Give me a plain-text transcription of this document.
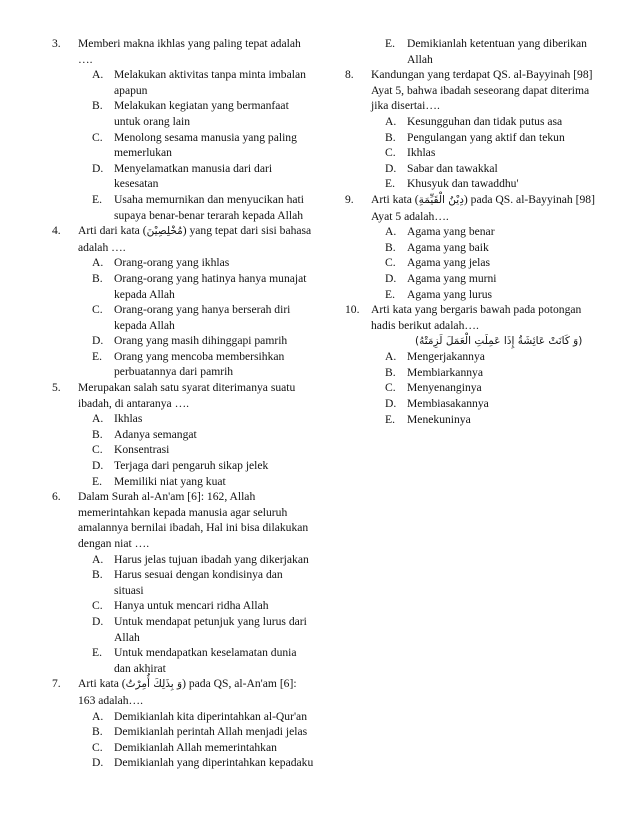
3. Memberi makna ikhlas yang paling tepat adalah ….
A. Melakukan aktivitas tanpa minta imbalan apapun
B. Melakukan kegiatan yang bermanfaat untuk orang lain
C. Menolong sesama manusia yang paling memerlukan
D. Menyelamatkan manusia dari dari kesesatan
E. Usaha memurnikan dan menyucikan hati supaya benar-benar terarah kepada Allah
4. Arti dari kata (مُخْلِصِيْنَ) yang tepat dari sisi bahasa adalah ….
A. Orang-orang yang ikhlas
B. Orang-orang yang hatinya hanya munajat kepada Allah
C. Orang-orang yang hanya berserah diri kepada Allah
D. Orang yang masih dihinggapi pamrih
E. Orang yang mencoba membersihkan perbuatannya dari pamrih
5. Merupakan salah satu syarat diterimanya suatu ibadah, di antaranya ….
A. Ikhlas
B. Adanya semangat
C. Konsentrasi
D. Terjaga dari pengaruh sikap jelek
E. Memiliki niat yang kuat
6. Dalam Surah al-An'am [6]: 162, Allah memerintahkan kepada manusia agar seluruh amalannya bernilai ibadah, Hal ini bisa dilakukan dengan niat ….
A. Harus jelas tujuan ibadah yang dikerjakan
B. Harus sesuai dengan kondisinya dan situasi
C. Hanya untuk mencari ridha Allah
D. Untuk mendapat petunjuk yang lurus dari Allah
E. Untuk mendapatkan keselamatan dunia dan akhirat
7. Arti kata (وَ بِذَلِكَ أُمِرْتُ) pada QS, al-An'am [6]: 163 adalah….
A. Demikianlah kita diperintahkan al-Qur'an
B. Demikianlah perintah Allah menjadi jelas
C. Demikianlah Allah memerintahkan
D. Demikianlah yang diperintahkan kepadaku
E. Demikianlah ketentuan yang diberikan Allah
8. Kandungan yang terdapat QS. al-Bayyinah [98] Ayat 5, bahwa ibadah seseorang dapat diterima jika disertai….
A. Kesungguhan dan tidak putus asa
B. Pengulangan yang aktif dan tekun
C. Ikhlas
D. Sabar dan tawakkal
E. Khusyuk dan tawaddhu'
9. Arti kata (دِيْنُ الْقَيِّمَةِ) pada QS. al-Bayyinah [98] Ayat 5 adalah….
A. Agama yang benar
B. Agama yang baik
C. Agama yang jelas
D. Agama yang murni
E. Agama yang lurus
10. Arti kata yang bergaris bawah pada potongan hadis berikut adalah….
(وَ كَانَتْ عَائِشَةُ إِذَا عَمِلَتِ الْعَمَلَ لَزِمَتْهُ)
A. Mengerjakannya
B. Membiarkannya
C. Menyenanginya
D. Membiasakannya
E. Menekuninya
